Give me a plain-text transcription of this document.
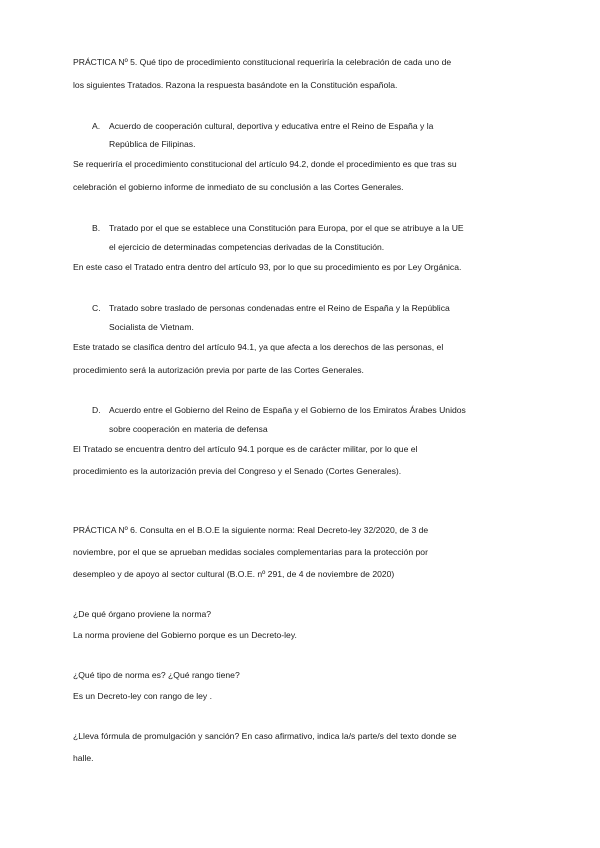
PRÁCTICA Nº 5. Qué tipo de procedimiento constitucional requeriría la celebración de cada uno de
los siguientes Tratados. Razona la respuesta basándote en la Constitución española.
A. Acuerdo de cooperación cultural, deportiva y educativa entre el Reino de España y la
República de Filipinas.
Se requeriría el procedimiento constitucional del artículo 94.2, donde el procedimiento es que tras su
celebración el gobierno informe de inmediato de su conclusión a las Cortes Generales.
B. Tratado por el que se establece una Constitución para Europa, por el que se atribuye a la UE
el ejercicio de determinadas competencias derivadas de la Constitución.
En este caso el Tratado entra dentro del artículo 93, por lo que su procedimiento es por Ley Orgánica.
C. Tratado sobre traslado de personas condenadas entre el Reino de España y la República
Socialista de Vietnam.
Este tratado se clasifica dentro del artículo 94.1, ya que afecta a los derechos de las personas, el
procedimiento será la autorización previa por parte de las Cortes Generales.
D. Acuerdo entre el Gobierno del Reino de España y el Gobierno de los Emiratos Árabes Unidos
sobre cooperación en materia de defensa
El Tratado se encuentra dentro del artículo 94.1 porque es de carácter militar, por lo que el
procedimiento es la autorización previa del Congreso y el Senado (Cortes Generales).
PRÁCTICA Nº 6. Consulta en el B.O.E la siguiente norma: Real Decreto-ley 32/2020, de 3 de
noviembre, por el que se aprueban medidas sociales complementarias para la protección por
desempleo y de apoyo al sector cultural (B.O.E. nº 291, de 4 de noviembre de 2020)
¿De qué órgano proviene la norma?
La norma proviene del Gobierno porque es un Decreto-ley.
¿Qué tipo de norma es? ¿Qué rango tiene?
Es un Decreto-ley con rango de ley .
¿Lleva fórmula de promulgación y sanción? En caso afirmativo, indica la/s parte/s del texto donde se
halle.
